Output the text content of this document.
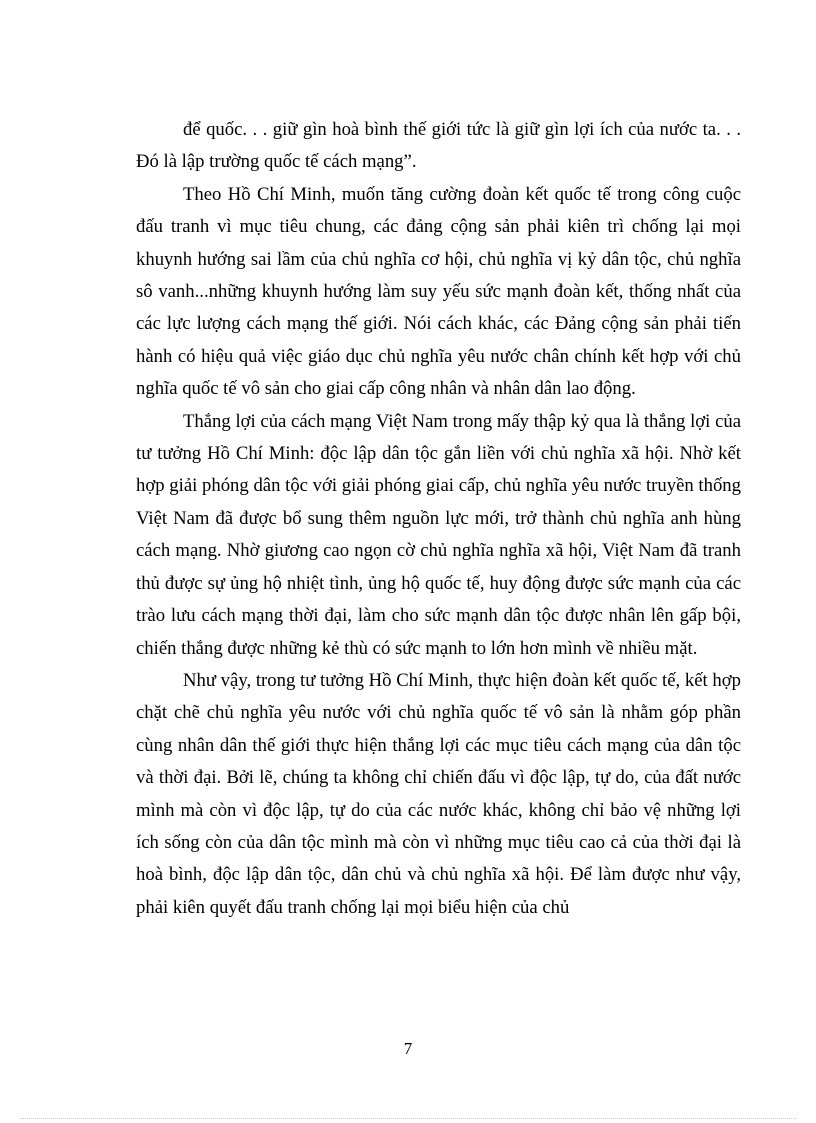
để quốc. . . giữ gìn hoà bình thế giới tức là giữ gìn lợi ích của nước ta. . . Đó là lập trường quốc tế cách mạng”.

Theo Hồ Chí Minh, muốn tăng cường đoàn kết quốc tế trong công cuộc đấu tranh vì mục tiêu chung, các đảng cộng sản phải kiên trì chống lại mọi khuynh hướng sai lầm của chủ nghĩa cơ hội, chủ nghĩa vị kỷ dân tộc, chủ nghĩa sô vanh...những khuynh hướng làm suy yếu sức mạnh đoàn kết, thống nhất của các lực lượng cách mạng thế giới. Nói cách khác, các Đảng cộng sản phải tiến hành có hiệu quả việc giáo dục chủ nghĩa yêu nước chân chính kết hợp với chủ nghĩa quốc tế vô sản cho giai cấp công nhân và nhân dân lao động.

Thắng lợi của cách mạng Việt Nam trong mấy thập kỷ qua là thắng lợi của tư tưởng Hồ Chí Minh: độc lập dân tộc gắn liền với chủ nghĩa xã hội. Nhờ kết hợp giải phóng dân tộc với giải phóng giai cấp, chủ nghĩa yêu nước truyền thống Việt Nam đã được bổ sung thêm nguồn lực mới, trở thành chủ nghĩa anh hùng cách mạng. Nhờ giương cao ngọn cờ chủ nghĩa nghĩa xã hội, Việt Nam đã tranh thủ được sự ủng hộ nhiệt tình, ủng hộ quốc tế, huy động được sức mạnh của các trào lưu cách mạng thời đại, làm cho sức mạnh dân tộc được nhân lên gấp bội, chiến thắng được những kẻ thù có sức mạnh to lớn hơn mình về nhiều mặt.

Như vậy, trong tư tưởng Hồ Chí Minh, thực hiện đoàn kết quốc tế, kết hợp chặt chẽ chủ nghĩa yêu nước với chủ nghĩa quốc tế vô sản là nhằm góp phần cùng nhân dân thế giới thực hiện thắng lợi các mục tiêu cách mạng của dân tộc và thời đại. Bởi lẽ, chúng ta không chỉ chiến đấu vì độc lập, tự do, của đất nước mình mà còn vì độc lập, tự do của các nước khác, không chỉ bảo vệ những lợi ích sống còn của dân tộc mình mà còn vì những mục tiêu cao cả của thời đại là hoà bình, độc lập dân tộc, dân chủ và chủ nghĩa xã hội. Để làm được như vậy, phải kiên quyết đấu tranh chống lại mọi biểu hiện của chủ

7
